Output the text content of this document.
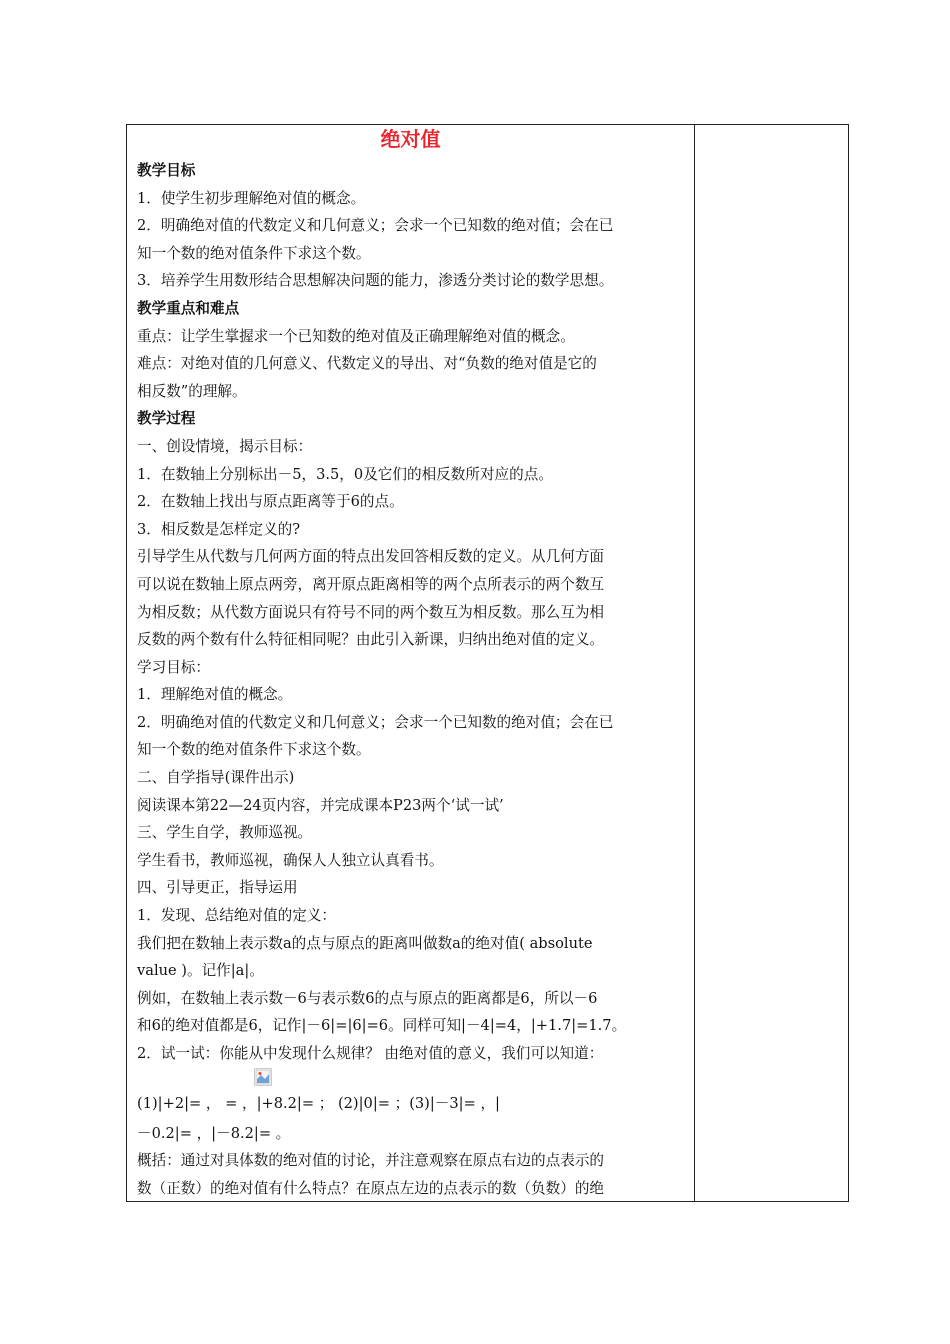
绝对值

教学目标

1．使学生初步理解绝对值的概念。

2．明确绝对值的代数定义和几何意义；会求一个已知数的绝对值；会在已

知一个数的绝对值条件下求这个数。

3．培养学生用数形结合思想解决问题的能力，渗透分类讨论的数学思想。

教学重点和难点

重点：让学生掌握求一个已知数的绝对值及正确理解绝对值的概念。

难点：对绝对值的几何意义、代数定义的导出、对“负数的绝对值是它的

相反数”的理解。

教学过程

一、创设情境，揭示目标：

1．在数轴上分别标出－5，3.5，0及它们的相反数所对应的点。

2．在数轴上找出与原点距离等于6的点。

3．相反数是怎样定义的?

引导学生从代数与几何两方面的特点出发回答相反数的定义。从几何方面

可以说在数轴上原点两旁，离开原点距离相等的两个点所表示的两个数互

为相反数；从代数方面说只有符号不同的两个数互为相反数。那么互为相

反数的两个数有什么特征相同呢？由此引入新课，归纳出绝对值的定义。

学习目标：

1．理解绝对值的概念。

2．明确绝对值的代数定义和几何意义；会求一个已知数的绝对值；会在已

知一个数的绝对值条件下求这个数。

二、自学指导(课件出示)

阅读课本第22—24页内容，并完成课本P23两个‘试一试’

三、学生自学，教师巡视。

学生看书，教师巡视，确保人人独立认真看书。

四、引导更正，指导运用

1．发现、总结绝对值的定义：

我们把在数轴上表示数a的点与原点的距离叫做数a的绝对值( absolute

value )。记作|a|。

例如，在数轴上表示数－6与表示数6的点与原点的距离都是6，所以－6

和6的绝对值都是6，记作|－6|=|6|=6。同样可知|－4|=4，|+1.7|=1.7。

2．试一试：你能从中发现什么规律？ 由绝对值的意义，我们可以知道：

(1)|+2|= ， = ，|+8.2|= ； (2)|0|= ；(3)|－3|= ，|

－0.2|= ，|－8.2|= 。

概括：通过对具体数的绝对值的讨论，并注意观察在原点右边的点表示的

数（正数）的绝对值有什么特点？在原点左边的点表示的数（负数）的绝
